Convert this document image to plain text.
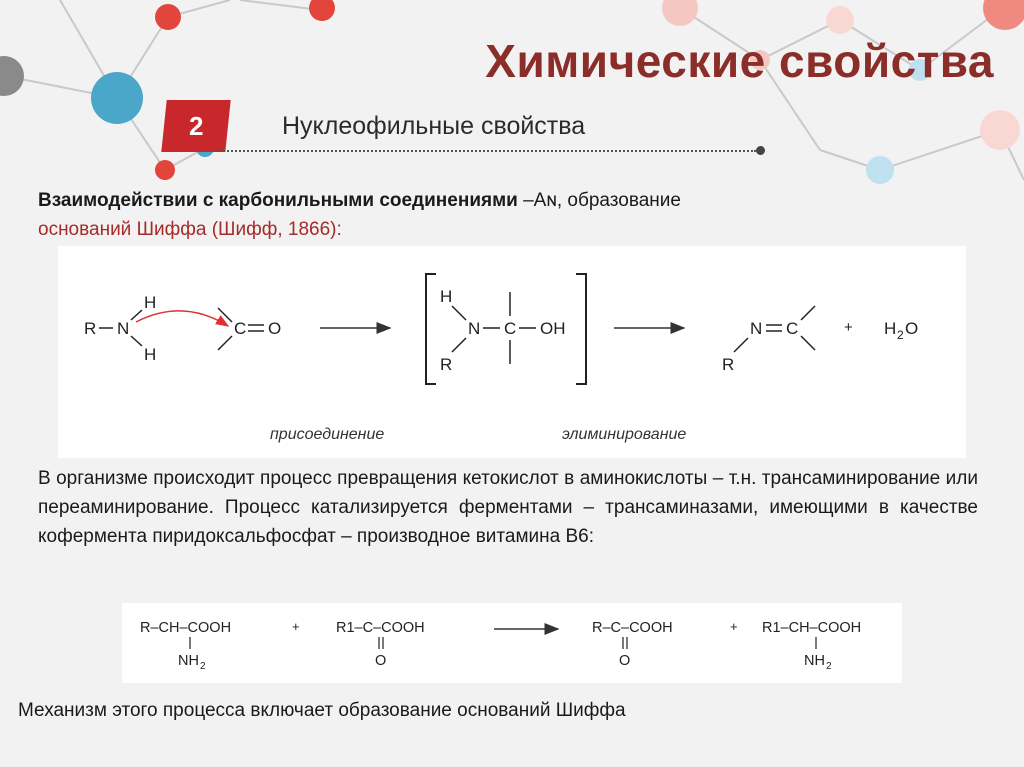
Химические свойства
2	Нуклеофильные свойства
Взаимодействии с карбонильными соединениями –Aɴ, образование
оснований Шиффа (Шифф, 1866):
R N
H
H
C O
H
N
R
C OH	N
R
C	+ H 2 O
присоединение	элиминирование
В организме происходит процесс превращения кетокислот в аминокислоты – т.н. трансаминирование или переаминирование. Процесс катализируется ферментами – трансаминазами, имеющими в качестве кофермента пиридоксальфосфат – производное витамина В6:
R–CH–COOH
NH 2
+	R1–C–COOH
O
R–C–COOH
O
+ R1–CH–COOH
NH 2
Механизм этого процесса включает образование оснований Шиффа
